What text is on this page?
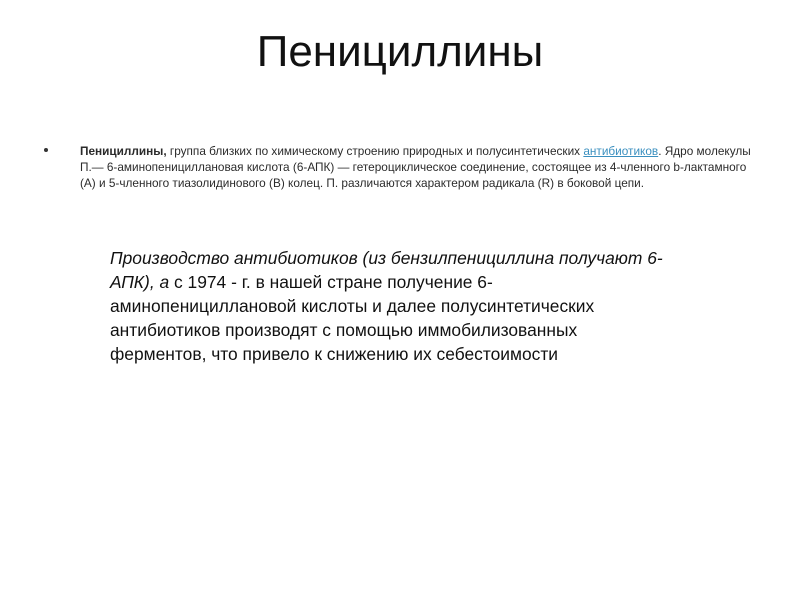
Пенициллины
Пенициллины, группа близких по химическому строению природных и полусинтетических антибиотиков. Ядро молекулы П.— 6-аминопенициллановая кислота (6-АПК) — гетероциклическое соединение, состоящее из 4-членного b-лактамного (А) и 5-членного тиазолидинового (В) колец. П. различаются характером радикала (R) в боковой цепи.

Производство антибиотиков (из бензилпенициллина получают 6-АПК), а с 1974 - г. в нашей стране получение 6-аминопенициллановой кислоты и далее полусинтетических антибиотиков производят с помощью иммобилизованных ферментов, что привело к снижению их себестоимости
